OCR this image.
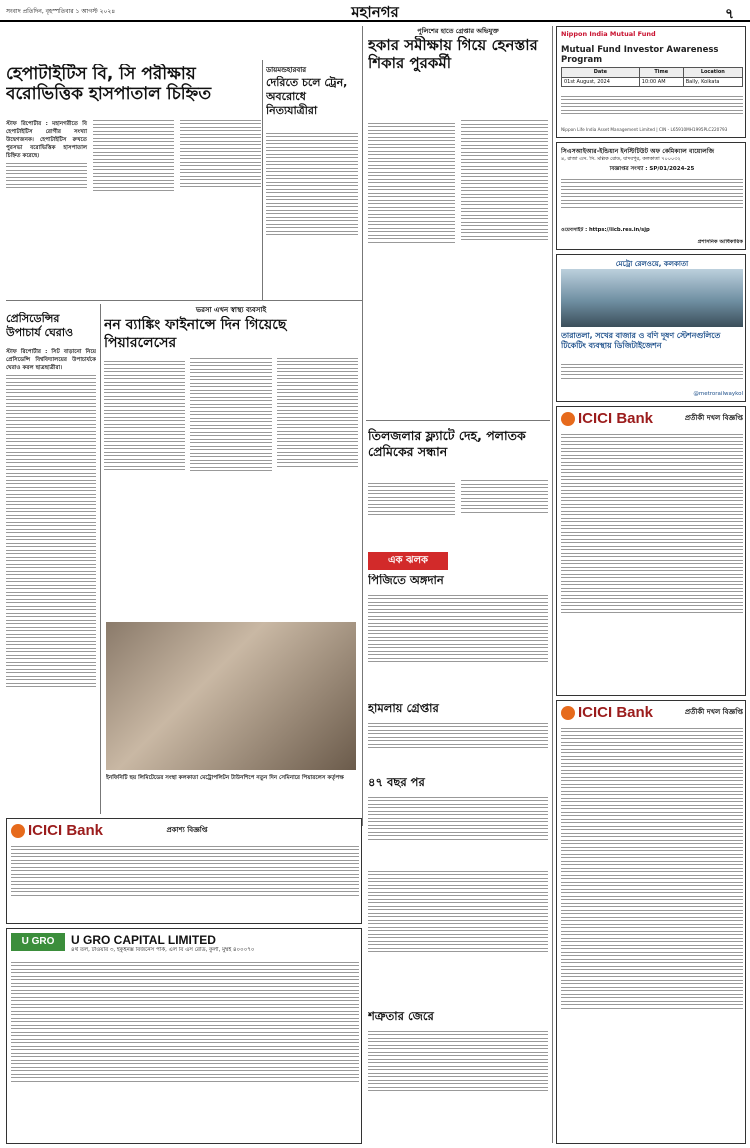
সংবাদ প্রতিদিন, বৃহস্পতিবার ১ আগস্ট ২০২৪	মহানগর	৭
হেপাটাইটিস বি, সি পরীক্ষায় বরোভিত্তিক হাসপাতাল চিহ্নিত
স্টাফ রিপোর্টার : মহানগরীতে বি হেপাটাইটিস রোগীর সংখ্যা উদ্বেগজনক। হেপাটাইটিস রুখতে পুরসভা বরোভিত্তিক হাসপাতাল চিহ্নিত করেছে।
ডায়মন্ডহারবার
দেরিতে চলে ট্রেন, অবরোধে নিত্যযাত্রীরা
পুলিশের হাতে গ্রেপ্তার অভিযুক্ত
হকার সমীক্ষায় গিয়ে হেনস্তার শিকার পুরকর্মী
Nippon India Mutual Fund
Mutual Fund Investor Awareness Program
Date	Time	Location
01st August, 2024	10:00 AM	Bally, Kolkata
Nippon Life India Asset Management Limited | CIN - L65910MH1995PLC220793
সিএসআইআর-ইন্ডিয়ান ইনস্টিটিউট অফ কেমিক্যাল বায়োলজি
৪, রাজা এস. সি. মল্লিক রোড, যাদবপুর, কলকাতা ৭০০০৩২
বিজ্ঞপ্তির সংখ্যা : SP/01/2024-25
ওয়েবসাইট : https://iicb.res.in/sjp
প্রশাসনিক আধিকারিক
মেট্রো রেলওয়ে, কলকাতা
তারাতলা, সখের বাজার ও বণি দূষণ স্টেশনগুলিতে টিকেটিং ব্যবস্থায় ডিজিটাইজেশন
@metrorailwaykol
প্রেসিডেন্সির উপাচার্য ঘেরাও
স্টাফ রিপোর্টার : সিট বাড়ানো নিয়ে প্রেসিডেন্সি বিশ্ববিদ্যালয়ের উপাচার্যকে ঘেরাও করল ছাত্রছাত্রীরা।
ভরসা এখন স্বাস্থ্য ব্যবসাই
নন ব্যাঙ্কিং ফাইনান্সে দিন গিয়েছে পিয়ারলেসের
ইনফিনিটি ছয় লিমিটেডের সংস্থা কলকাতা মেট্রোপলিটন টাউনশিপে নতুন দিন সেমিনারে পিয়ারলেস কর্তৃপক্ষ
তিলজলার ফ্ল্যাটে দেহ, পলাতক প্রেমিকের সন্ধান
এক ঝলক
পিজিতে অঙ্গদান
হামলায় গ্রেপ্তার
৪৭ বছর পর
শত্রুতার জেরে
ICICI Bank	প্রতীকী দখল বিজ্ঞপ্তি
ICICI Bank	প্রতীকী দখল বিজ্ঞপ্তি
ICICI Bank	প্রকাশ্য বিজ্ঞপ্তি
U GRO	U GRO CAPITAL LIMITED
৪র্থ তল, টাওয়ার ৩, ইকুইনক্স বিজনেস পার্ক, এল বি এস রোড, কুর্লা, মুম্বই ৪০০০৭০
